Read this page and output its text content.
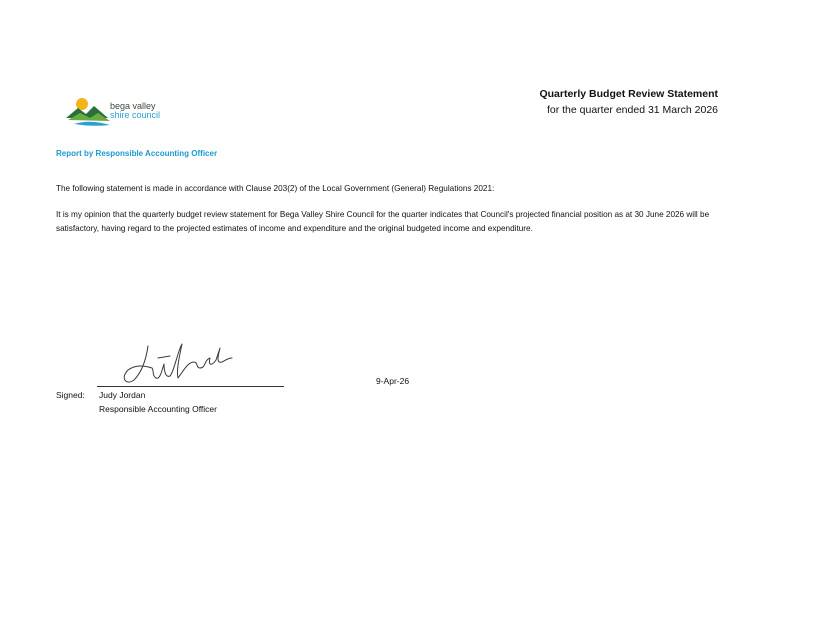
bega valley
shire council
Quarterly Budget Review Statement
for the quarter ended 31 March 2026
Report by Responsible Accounting Officer
The following statement is made in accordance with Clause 203(2) of the Local Government (General) Regulations 2021:
It is my opinion that the quarterly budget review statement for Bega Valley Shire Council for the quarter indicates that Council's projected financial position as at 30 June 2026 will be satisfactory, having regard to the projected estimates of income and expenditure and the original budgeted income and expenditure.
9-Apr-26
Signed: Judy Jordan
Responsible Accounting Officer
